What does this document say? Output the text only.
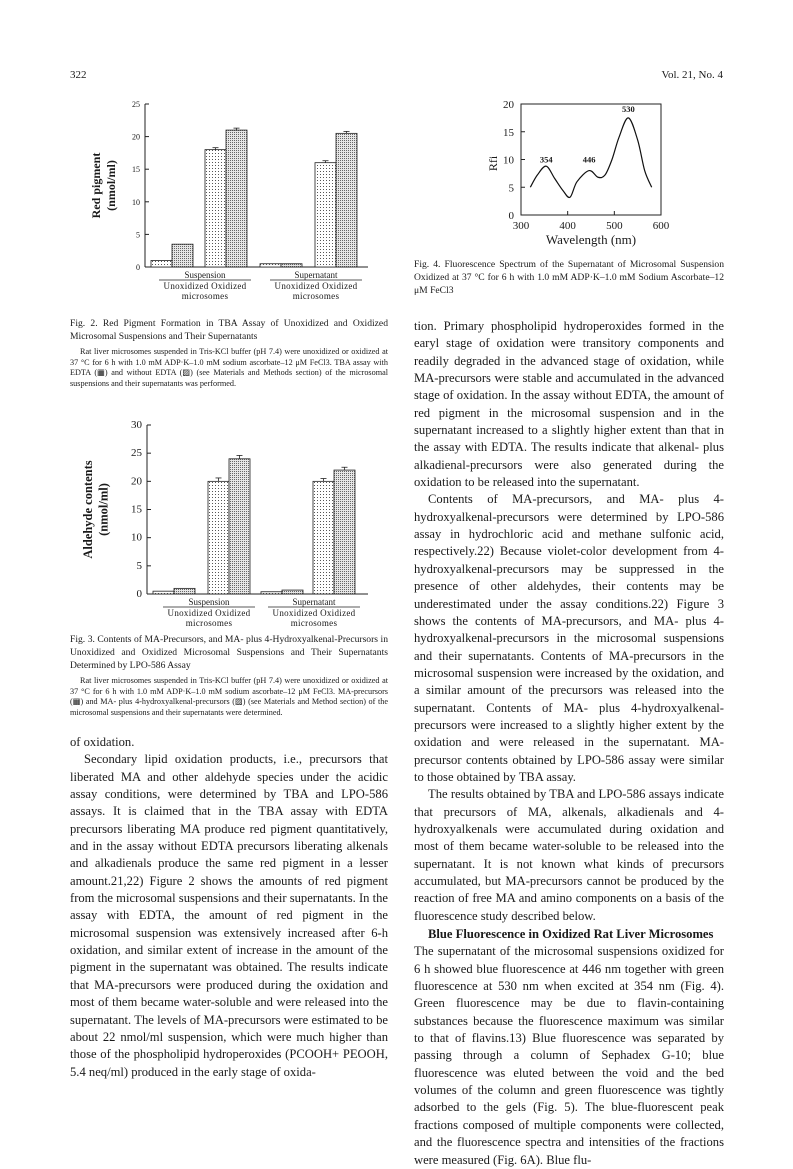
322	Vol. 21, No. 4
0
5
10
15
20
25
Red pigment (nmol/ml)
Suspension
Unoxidized Oxidized
microsomes
Supernatant
Unoxidized Oxidized
microsomes

Fig. 2. Red Pigment Formation in TBA Assay of Unoxidized and Oxidized Microsomal Suspensions and Their Supernatants

Rat liver microsomes suspended in Tris-KCl buffer (pH 7.4) were unoxidized or oxidized at 37 °C for 6 h with 1.0 mM ADP·K–1.0 mM sodium ascorbate–12 μM FeCl3. TBA assay with EDTA (▦) and without EDTA (▨) (see Materials and Methods section) of the microsomal suspensions and their supernatants was performed.

0
5
10
15
20
25
30
Aldehyde contents (nmol/ml)
Suspension
Unoxidized Oxidized
microsomes
Supernatant
Unoxidized Oxidized
microsomes

Fig. 3. Contents of MA-Precursors, and MA- plus 4-Hydroxyalkenal-Precursors in Unoxidized and Oxidized Microsomal Suspensions and Their Supernatants Determined by LPO-586 Assay

Rat liver microsomes suspended in Tris-KCl buffer (pH 7.4) were unoxidized or oxidized at 37 °C for 6 h with 1.0 mM ADP·K–1.0 mM sodium ascorbate–12 μM FeCl3. MA-precursors (▦) and MA- plus 4-hydroxyalkenal-precursors (▨) (see Materials and Method section) of the microsomal suspensions and their supernatants were determined.

0
5
10
15
20
300	400	500	600
Wavelength (nm)
Rfi	354	446
530

Fig. 4. Fluorescence Spectrum of the Supernatant of Microsomal Suspension Oxidized at 37 °C for 6 h with 1.0 mM ADP·K–1.0 mM Sodium Ascorbate–12 μM FeCl3

of oxidation.

Secondary lipid oxidation products, i.e., precursors that liberated MA and other aldehyde species under the acidic assay conditions, were determined by TBA and LPO-586 assays. It is claimed that in the TBA assay with EDTA precursors liberating MA produce red pigment quantitatively, and in the assay without EDTA precursors liberating alkenals and alkadienals produce the same red pigment in a lesser amount.21,22) Figure 2 shows the amounts of red pigment from the microsomal suspensions and their supernatants. In the assay with EDTA, the amount of red pigment in the microsomal suspension was extensively increased after 6-h oxidation, and similar extent of increase in the amount of the pigment in the supernatant was obtained. The results indicate that MA-precursors were produced during the oxidation and most of them became water-soluble and were released into the supernatant. The levels of MA-precursors were estimated to be about 22 nmol/ml suspension, which were much higher than those of the phospholipid hydroperoxides (PCOOH+ PEOOH, 5.4 neq/ml) produced in the early stage of oxida-

tion. Primary phospholipid hydroperoxides formed in the earyl stage of oxidation were transitory components and readily degraded in the advanced stage of oxidation, while MA-precursors were stable and accumulated in the advanced stage of oxidation. In the assay without EDTA, the amount of red pigment in the microsomal suspension and in the supernatant increased to a slightly higher extent than that in the assay with EDTA. The results indicate that alkenal- plus alkadienal-precursors were also generated during the oxidation to be released into the supernatant.

Contents of MA-precursors, and MA- plus 4-hydroxyalkenal-precursors were determined by LPO-586 assay in hydrochloric acid and methane sulfonic acid, respectively.22) Because violet-color development from 4-hydroxyalkenal-precursors may be suppressed in the presence of other aldehydes, their contents may be underestimated under the assay conditions.22) Figure 3 shows the contents of MA-precursors, and MA- plus 4-hydroxyalkenal-precursors in the microsomal suspensions and their supernatants. Contents of MA-precursors in the microsomal suspension were increased by the oxidation, and a similar amount of the precursors was released into the supernatant. Contents of MA- plus 4-hydroxyalkenal-precursors were increased to a slightly higher extent by the oxidation and were released in the supernatant. MA-precursor contents obtained by LPO-586 assay were similar to those obtained by TBA assay.

The results obtained by TBA and LPO-586 assays indicate that precursors of MA, alkenals, alkadienals and 4-hydroxyalkenals were accumulated during oxidation and most of them became water-soluble to be released into the supernatant. It is not known what kinds of precursors accumulated, but MA-precursors cannot be produced by the reaction of free MA and amino components on a basis of the fluorescence study described below.

Blue Fluorescence in Oxidized Rat Liver Microsomes

The supernatant of the microsomal suspensions oxidized for 6 h showed blue fluorescence at 446 nm together with green fluorescence at 530 nm when excited at 354 nm (Fig. 4). Green fluorescence may be due to flavin-containing substances because the fluorescence maximum was similar to that of flavins.13) Blue fluorescence was separated by passing through a column of Sephadex G-10; blue fluorescence was eluted between the void and the bed volumes of the column and green fluorescence was tightly adsorbed to the gels (Fig. 5). The blue-fluorescent peak fractions composed of multiple components were collected, and the fluorescence spectra and intensities of the fractions were measured (Fig. 6A). Blue flu-
